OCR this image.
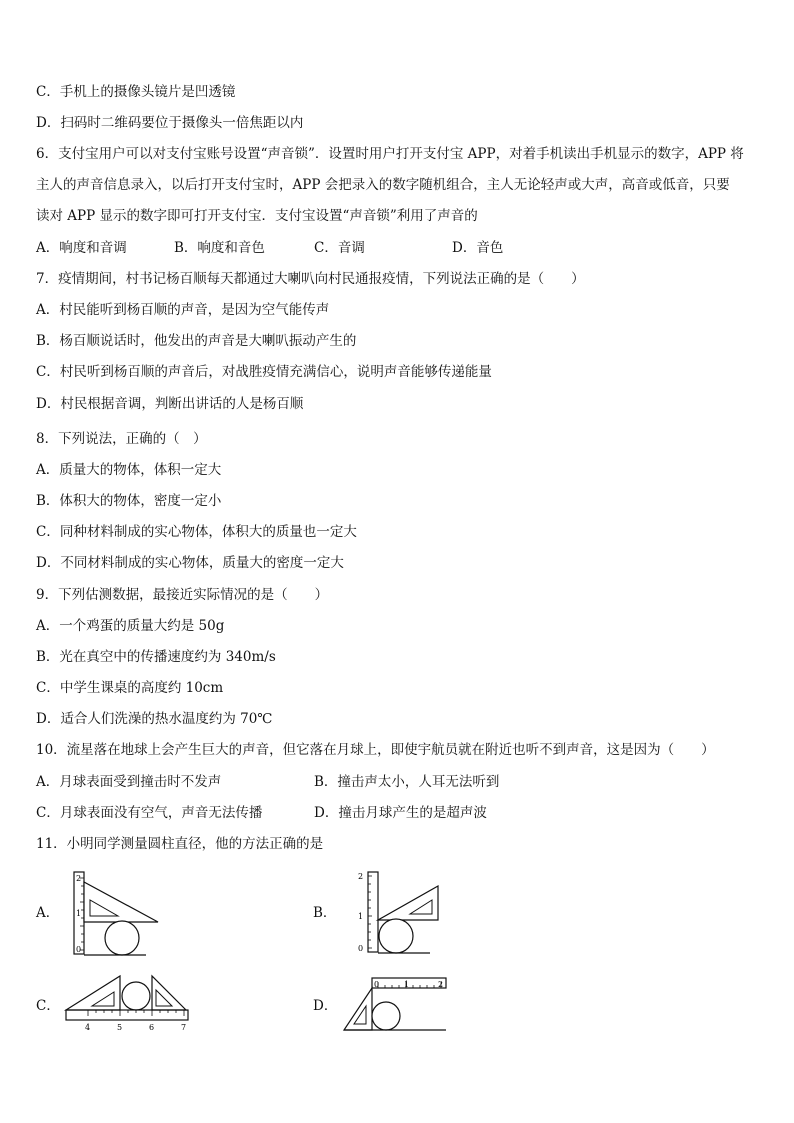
C．手机上的摄像头镜片是凹透镜
D．扫码时二维码要位于摄像头一倍焦距以内
6．支付宝用户可以对支付宝账号设置“声音锁”．设置时用户打开支付宝 APP，对着手机读出手机显示的数字，APP 将
主人的声音信息录入，以后打开支付宝时，APP 会把录入的数字随机组合，主人无论轻声或大声，高音或低音，只要
读对 APP 显示的数字即可打开支付宝．支付宝设置“声音锁”利用了声音的
A．响度和音调	B．响度和音色	C．音调	D．音色
7．疫情期间，村书记杨百顺每天都通过大喇叭向村民通报疫情，下列说法正确的是（　　）
A．村民能听到杨百顺的声音，是因为空气能传声
B．杨百顺说话时，他发出的声音是大喇叭振动产生的
C．村民听到杨百顺的声音后，对战胜疫情充满信心，说明声音能够传递能量
D．村民根据音调，判断出讲话的人是杨百顺
8．下列说法，正确的（　）
A．质量大的物体，体积一定大
B．体积大的物体，密度一定小
C．同种材料制成的实心物体，体积大的质量也一定大
D．不同材料制成的实心物体，质量大的密度一定大
9．下列估测数据，最接近实际情况的是（　　）
A．一个鸡蛋的质量大约是 50g
B．光在真空中的传播速度约为 340m/s
C．中学生课桌的高度约 10cm
D．适合人们洗澡的热水温度约为 70℃
10．流星落在地球上会产生巨大的声音，但它落在月球上，即使宇航员就在附近也听不到声音，这是因为（　　）
A．月球表面受到撞击时不发声	B．撞击声太小，人耳无法听到
C．月球表面没有空气，声音无法传播	D．撞击月球产生的是超声波
11．小明同学测量圆柱直径，他的方法正确的是
A．
2
1
0
B．
2
1
0
C．
4	5	6	7
D．
0	1	2
